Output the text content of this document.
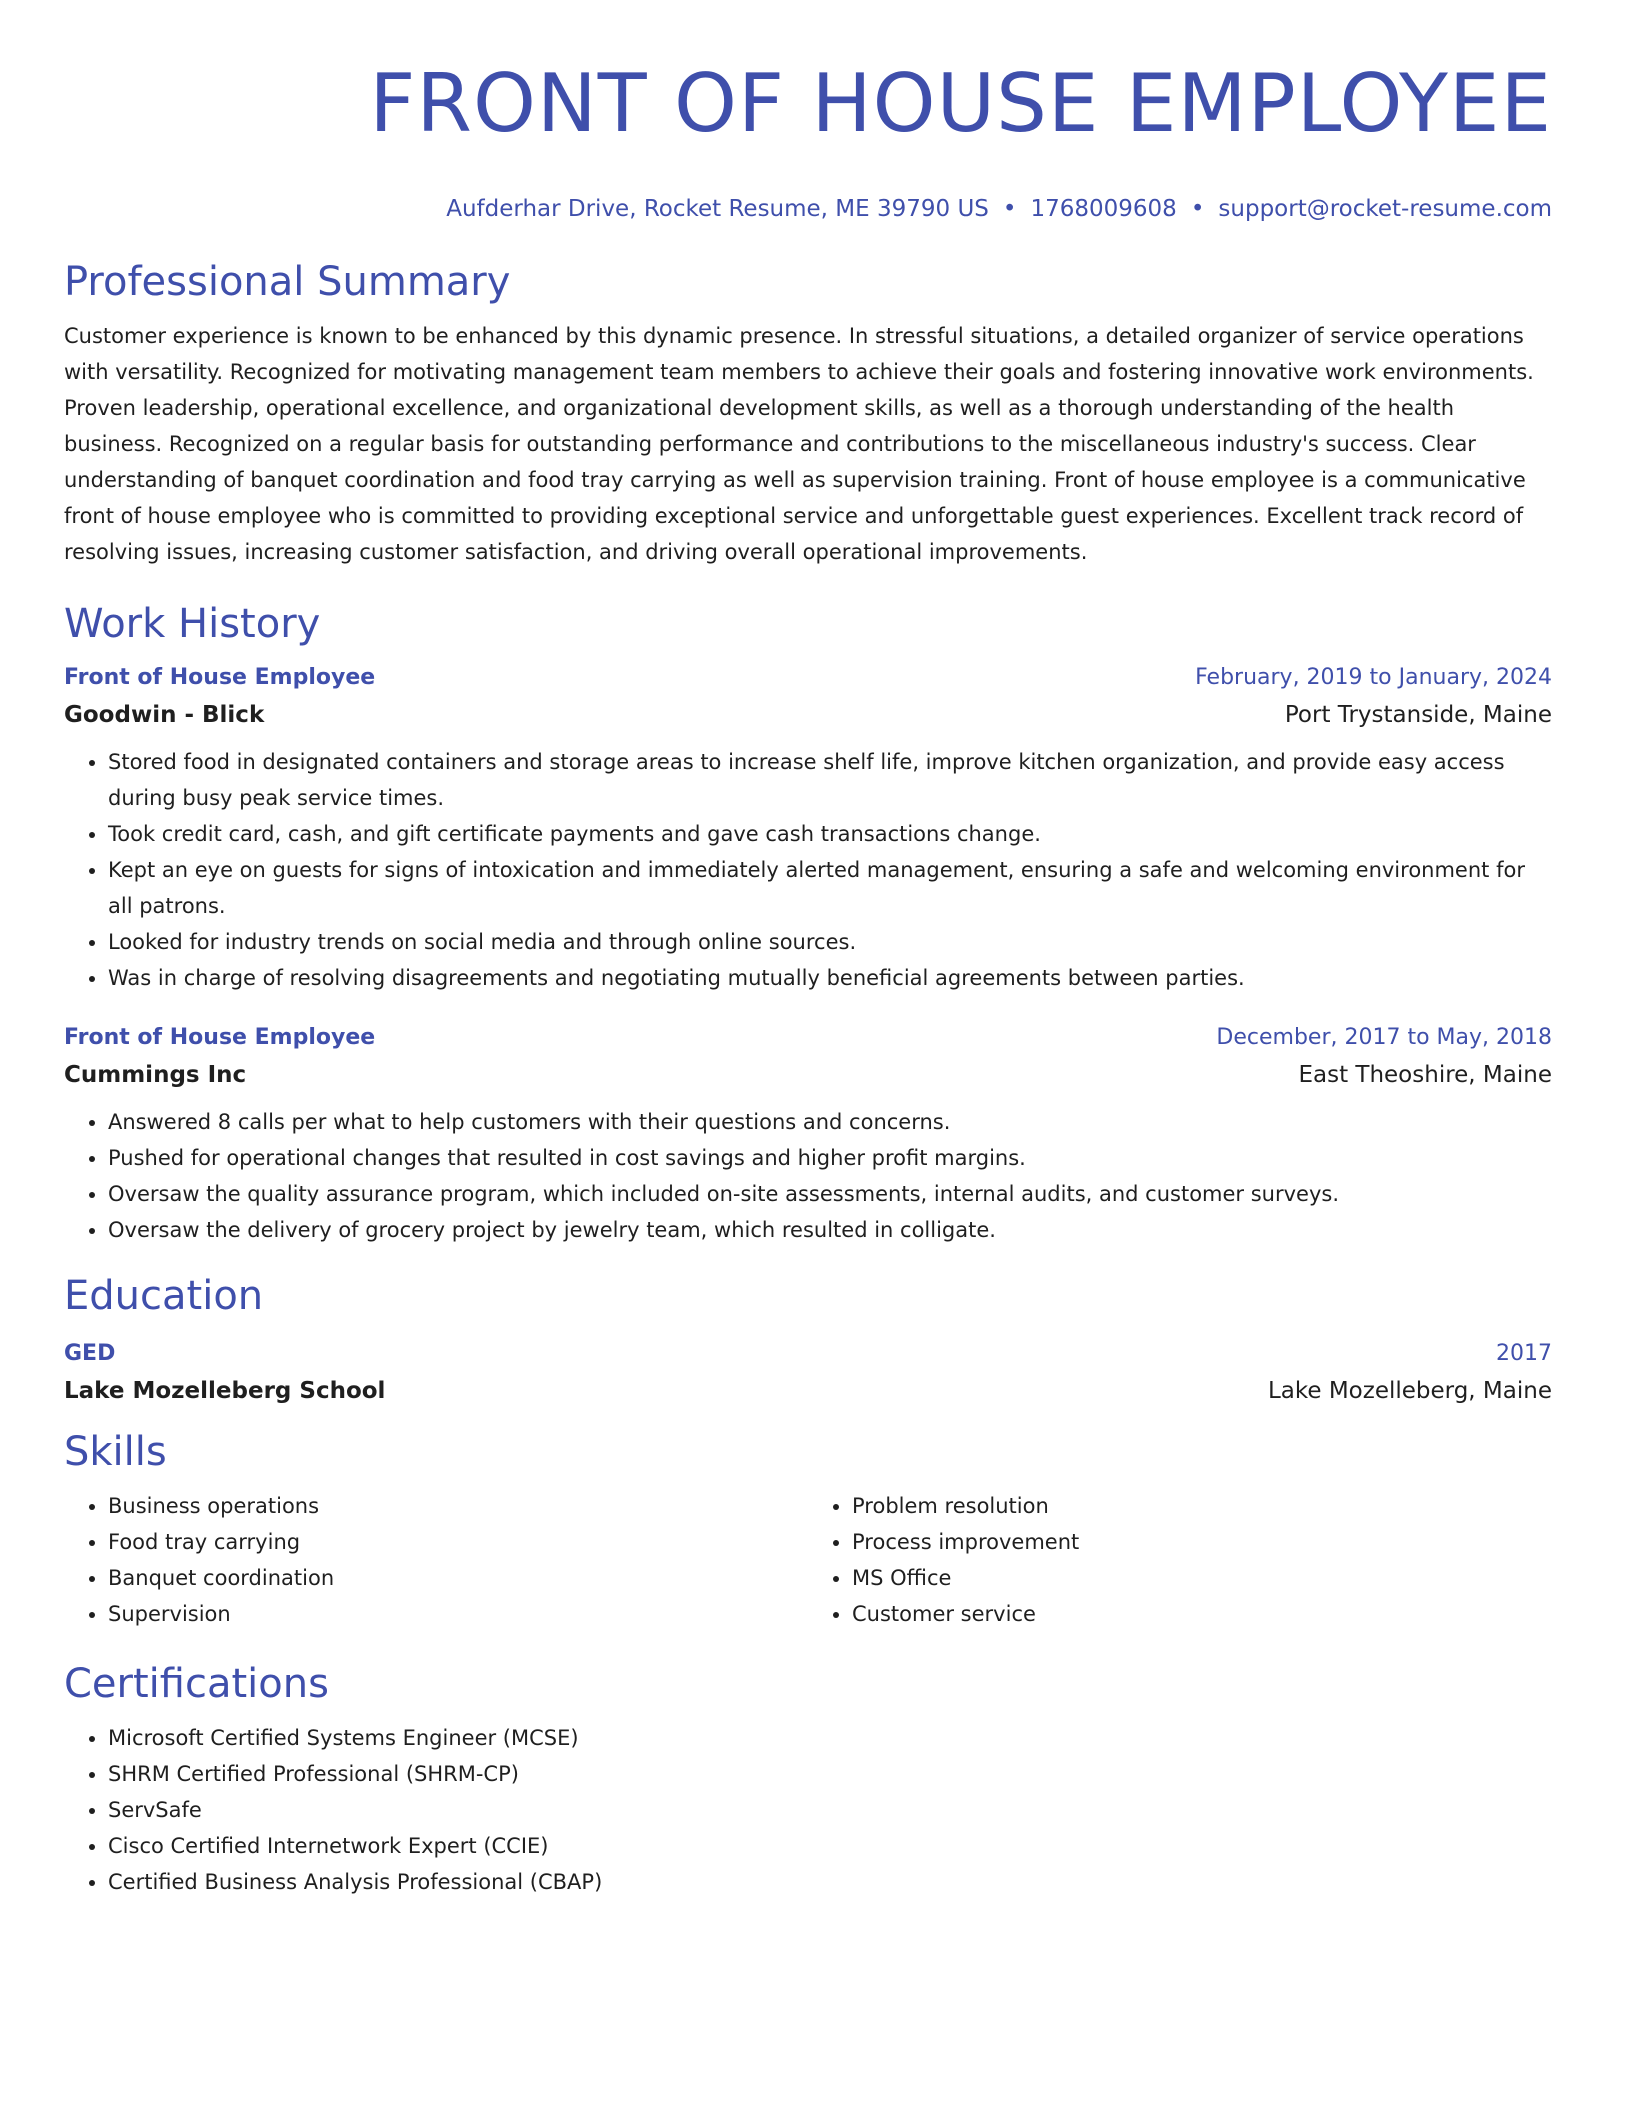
FRONT OF HOUSE EMPLOYEE
Aufderhar Drive, Rocket Resume, ME 39790 US • 1768009608 • support@rocket-resume.com
Professional Summary

Customer experience is known to be enhanced by this dynamic presence. In stressful situations, a detailed organizer of service operations with versatility. Recognized for motivating management team members to achieve their goals and fostering innovative work environments. Proven leadership, operational excellence, and organizational development skills, as well as a thorough understanding of the health business. Recognized on a regular basis for outstanding performance and contributions to the miscellaneous industry's success. Clear understanding of banquet coordination and food tray carrying as well as supervision training. Front of house employee is a communicative front of house employee who is committed to providing exceptional service and unforgettable guest experiences. Excellent track record of resolving issues, increasing customer satisfaction, and driving overall operational improvements.

Work History
Front of House Employee	February, 2019 to January, 2024
Goodwin - Blick	Port Trystanside, Maine
• Stored food in designated containers and storage areas to increase shelf life, improve kitchen organization, and provide easy access during busy peak service times.
• Took credit card, cash, and gift certificate payments and gave cash transactions change.
• Kept an eye on guests for signs of intoxication and immediately alerted management, ensuring a safe and welcoming environment for all patrons.
• Looked for industry trends on social media and through online sources.
• Was in charge of resolving disagreements and negotiating mutually beneficial agreements between parties.
Front of House Employee	December, 2017 to May, 2018
Cummings Inc	East Theoshire, Maine
• Answered 8 calls per what to help customers with their questions and concerns.
• Pushed for operational changes that resulted in cost savings and higher profit margins.
• Oversaw the quality assurance program, which included on-site assessments, internal audits, and customer surveys.
• Oversaw the delivery of grocery project by jewelry team, which resulted in colligate.
Education
GED	2017
Lake Mozelleberg School	Lake Mozelleberg, Maine
Skills
• Business operations
• Food tray carrying
• Banquet coordination
• Supervision
• Problem resolution
• Process improvement
• MS Office
• Customer service
Certifications
• Microsoft Certified Systems Engineer (MCSE)
• SHRM Certified Professional (SHRM-CP)
• ServSafe
• Cisco Certified Internetwork Expert (CCIE)
• Certified Business Analysis Professional (CBAP)
